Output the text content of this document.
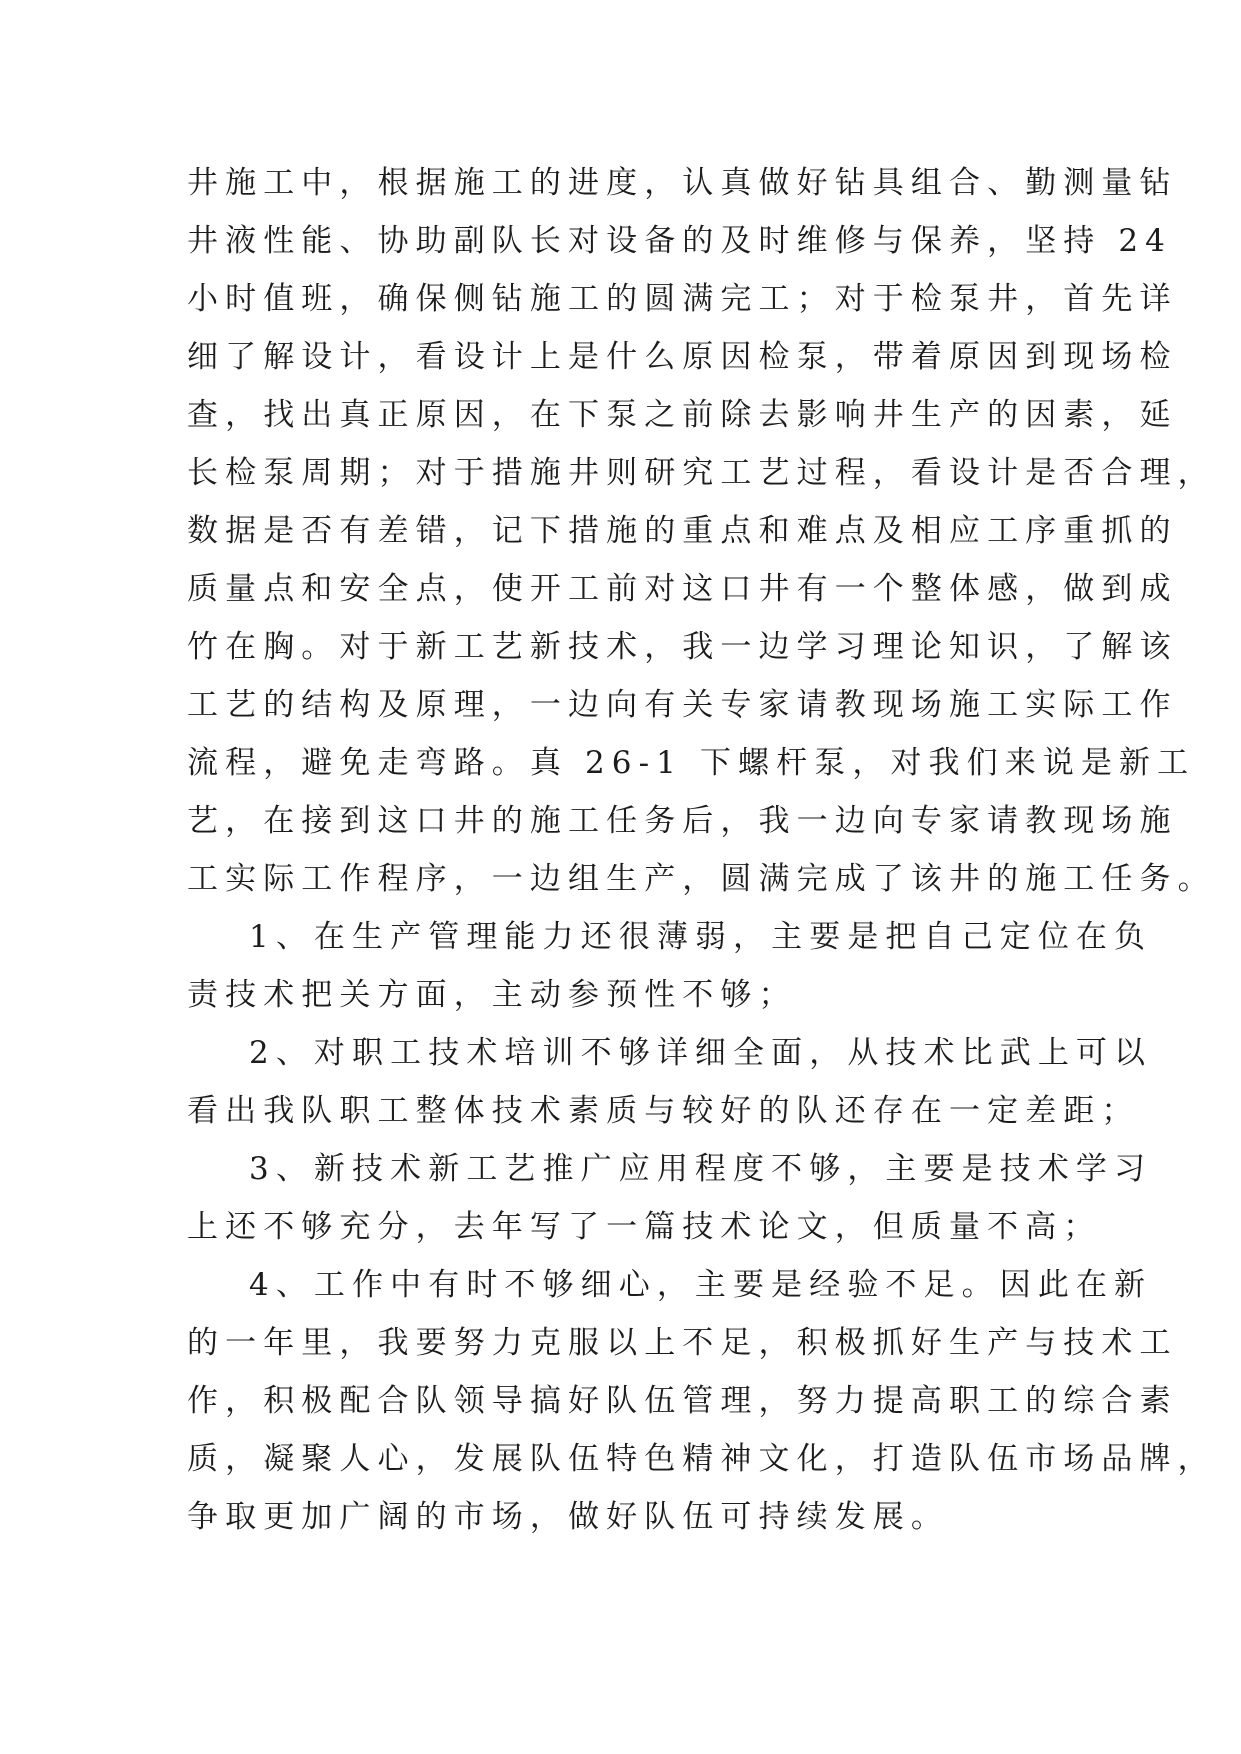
井施工中，根据施工的进度，认真做好钻具组合、勤测量钻
井液性能、协助副队长对设备的及时维修与保养，坚持 24
小时值班，确保侧钻施工的圆满完工；对于检泵井，首先详
细了解设计，看设计上是什么原因检泵，带着原因到现场检
查，找出真正原因，在下泵之前除去影响井生产的因素，延
长检泵周期；对于措施井则研究工艺过程，看设计是否合理，
数据是否有差错，记下措施的重点和难点及相应工序重抓的
质量点和安全点，使开工前对这口井有一个整体感，做到成
竹在胸。对于新工艺新技术，我一边学习理论知识，了解该
工艺的结构及原理，一边向有关专家请教现场施工实际工作
流程，避免走弯路。真 26-1 下螺杆泵，对我们来说是新工
艺，在接到这口井的施工任务后，我一边向专家请教现场施
工实际工作程序，一边组生产，圆满完成了该井的施工任务。
1、在生产管理能力还很薄弱，主要是把自己定位在负
责技术把关方面，主动参预性不够；
2、对职工技术培训不够详细全面，从技术比武上可以
看出我队职工整体技术素质与较好的队还存在一定差距；
3、新技术新工艺推广应用程度不够，主要是技术学习
上还不够充分，去年写了一篇技术论文，但质量不高；
4、工作中有时不够细心，主要是经验不足。因此在新
的一年里，我要努力克服以上不足，积极抓好生产与技术工
作，积极配合队领导搞好队伍管理，努力提高职工的综合素
质，凝聚人心，发展队伍特色精神文化，打造队伍市场品牌，
争取更加广阔的市场，做好队伍可持续发展。
